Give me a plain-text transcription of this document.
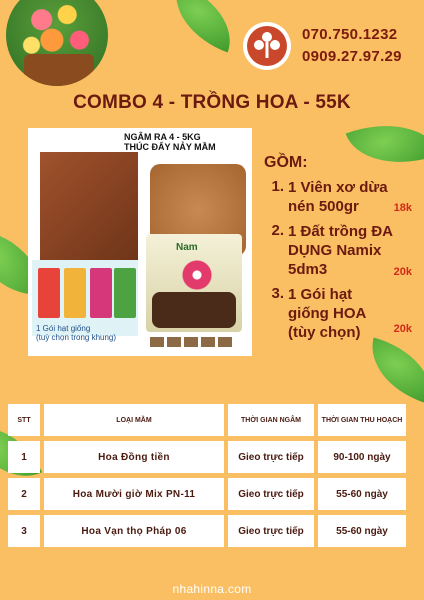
070.750.1232
0909.27.97.29
COMBO 4 - TRỒNG HOA - 55K
NGÂM RA 4 - 5KG
THÚC ĐẨY NẢY MẦM
Nam
1 Gói hạt giống
(tuỳ chọn trong khung)
GỒM:
1. 1 Viên xơ dừa nén 500gr	18k
2. 1 Đất trồng ĐA DỤNG Namix 5dm3	20k
3. 1 Gói hạt giống HOA (tùy chọn)	20k
STT	LOẠI MẦM	THỜI GIAN NGÂM	THỜI GIAN THU HOẠCH
1	Hoa Đồng tiền	Gieo trực tiếp	90-100 ngày
2	Hoa Mười giờ Mix PN-11	Gieo trực tiếp	55-60 ngày
3	Hoa Vạn thọ Pháp 06	Gieo trực tiếp	55-60 ngày
nhahinna.com
